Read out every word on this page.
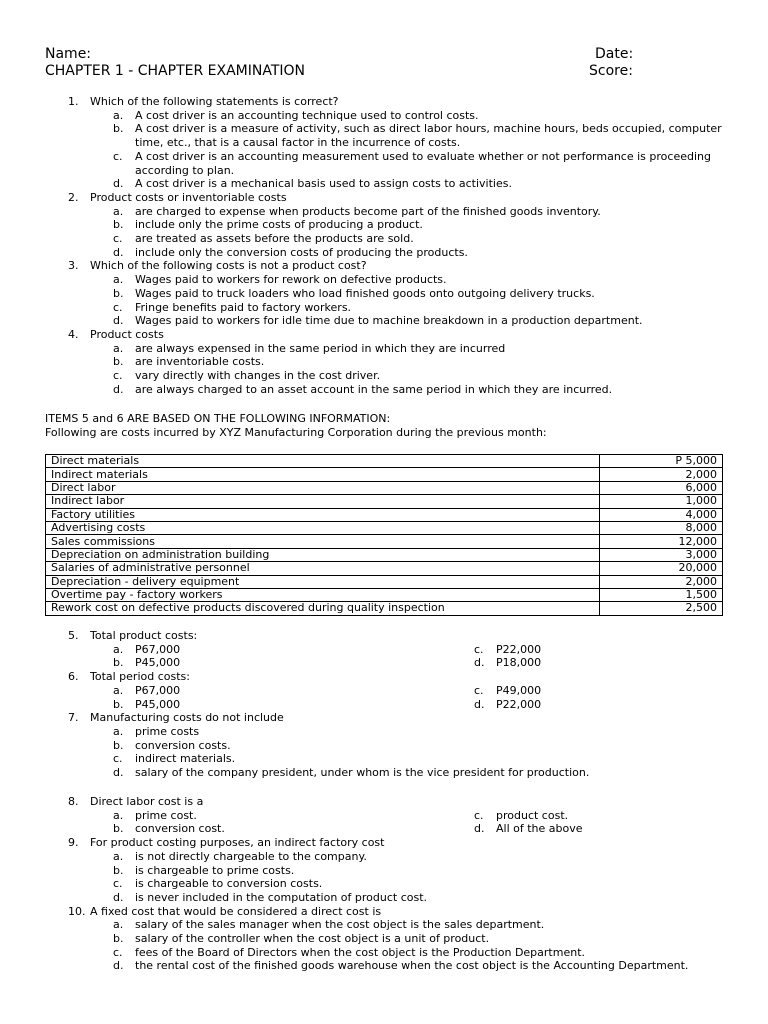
Name:	Date:
CHAPTER 1 - CHAPTER EXAMINATION	Score:
1.	Which of the following statements is correct?
a.	A cost driver is an accounting technique used to control costs.
b.	A cost driver is a measure of activity, such as direct labor hours, machine hours, beds occupied, computer time, etc., that is a causal factor in the incurrence of costs.
c.	A cost driver is an accounting measurement used to evaluate whether or not performance is proceeding according to plan.
d.	A cost driver is a mechanical basis used to assign costs to activities.
2.	Product costs or inventoriable costs
a.	are charged to expense when products become part of the finished goods inventory.
b.	include only the prime costs of producing a product.
c.	are treated as assets before the products are sold.
d.	include only the conversion costs of producing the products.
3.	Which of the following costs is not a product cost?
a.	Wages paid to workers for rework on defective products.
b.	Wages paid to truck loaders who load finished goods onto outgoing delivery trucks.
c.	Fringe benefits paid to factory workers.
d.	Wages paid to workers for idle time due to machine breakdown in a production department.
4.	Product costs
a.	are always expensed in the same period in which they are incurred
b.	are inventoriable costs.
c.	vary directly with changes in the cost driver.
d.	are always charged to an asset account in the same period in which they are incurred.
ITEMS 5 and 6 ARE BASED ON THE FOLLOWING INFORMATION:
Following are costs incurred by XYZ Manufacturing Corporation during the previous month:
Direct materials	P 5,000
Indirect materials	2,000
Direct labor	6,000
Indirect labor	1,000
Factory utilities	4,000
Advertising costs	8,000
Sales commissions	12,000
Depreciation on administration building	3,000
Salaries of administrative personnel	20,000
Depreciation - delivery equipment	2,000
Overtime pay - factory workers	1,500
Rework cost on defective products discovered during quality inspection	2,500
5.	Total product costs:
a.	P67,000	c.	P22,000
b.	P45,000	d.	P18,000
6.	Total period costs:
a.	P67,000	c.	P49,000
b.	P45,000	d.	P22,000
7.	Manufacturing costs do not include
a.	prime costs
b.	conversion costs.
c.	indirect materials.
d.	salary of the company president, under whom is the vice president for production.
8.	Direct labor cost is a
a.	prime cost.	c.	product cost.
b.	conversion cost.	d.	All of the above
9.	For product costing purposes, an indirect factory cost
a.	is not directly chargeable to the company.
b.	is chargeable to prime costs.
c.	is chargeable to conversion costs.
d.	is never included in the computation of product cost.
10. A fixed cost that would be considered a direct cost is
a.	salary of the sales manager when the cost object is the sales department.
b.	salary of the controller when the cost object is a unit of product.
c.	fees of the Board of Directors when the cost object is the Production Department.
d.	the rental cost of the finished goods warehouse when the cost object is the Accounting Department.
